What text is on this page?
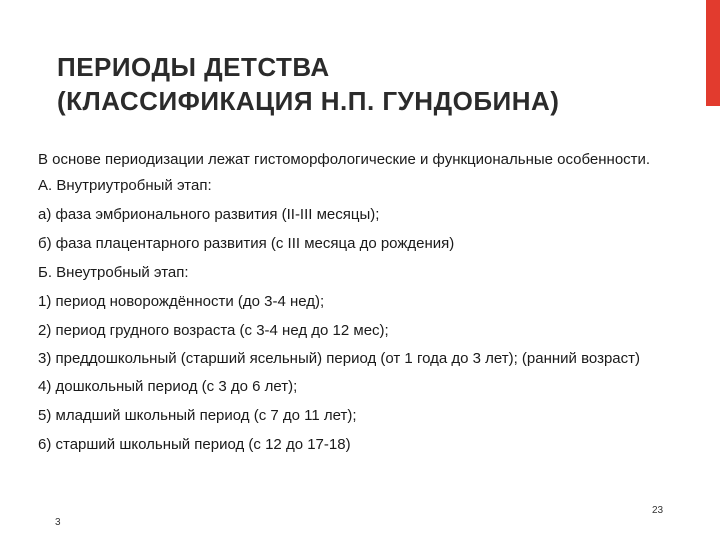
ПЕРИОДЫ ДЕТСТВА
(КЛАССИФИКАЦИЯ Н.П. ГУНДОБИНА)

В основе периодизации лежат гистоморфологические и функциональные особенности.

А. Внутриутробный этап:

а) фаза эмбрионального развития (II-III месяцы);

б) фаза плацентарного развития (с III месяца до рождения)

Б. Внеутробный этап:

1) период новорождённости (до 3-4 нед);

2) период грудного возраста (с 3-4 нед до 12 мес);

3) преддошкольный (старший ясельный) период (от 1 года до 3 лет); (ранний возраст)

4) дошкольный период (с 3 до 6 лет);

5) младший школьный период (с 7 до 11 лет);

6) старший школьный период (с 12 до 17-18)

3
23
